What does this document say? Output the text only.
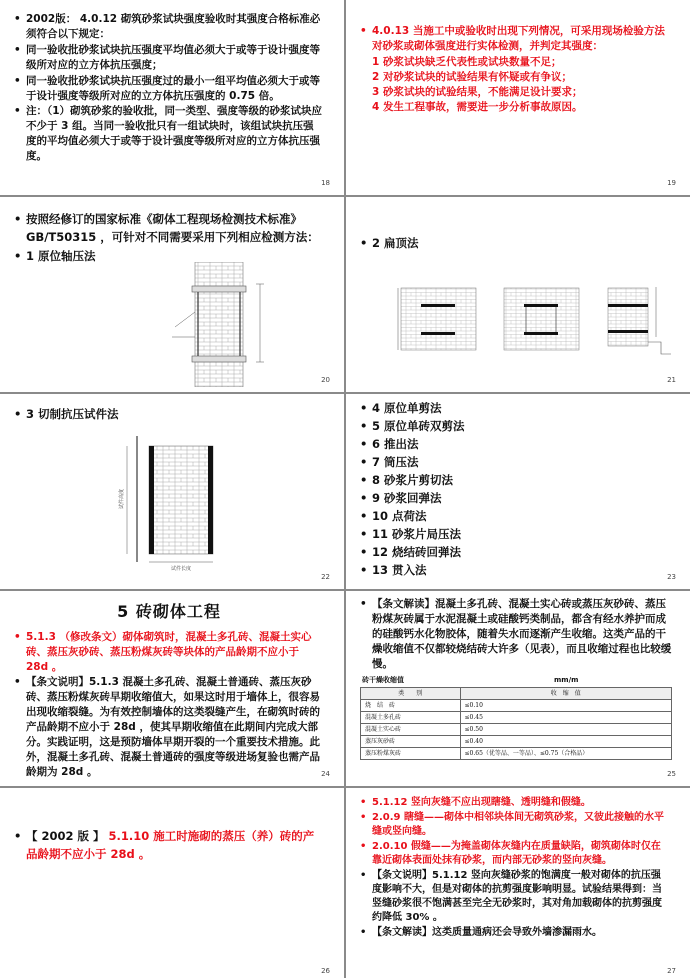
• 2002版： 4.0.12 砌筑砂浆试块强度验收时其强度合格标准必须符合以下规定：
• 同一验收批砂浆试块抗压强度平均值必须大于或等于设计强度等级所对应的立方体抗压强度；
• 同一验收批砂浆试块抗压强度过的最小一组平均值必须大于或等于设计强度等级所对应的立方体抗压强度的 0.75 倍。
• 注：（1）砌筑砂浆的验收批，同一类型、强度等级的砂浆试块应不少于 3 组。当同一验收批只有一组试块时，该组试块抗压强度的平均值必须大于或等于设计强度等级所对应的立方体抗压强度。
18
• 4.0.13 当施工中或验收时出现下列情况，可采用现场检验方法对砂浆或砌体强度进行实体检测，并判定其强度：
1 砂浆试块缺乏代表性或试块数量不足；
2 对砂浆试块的试验结果有怀疑或有争议；
3 砂浆试块的试验结果，不能满足设计要求；
4 发生工程事故，需要进一步分析事故原因。
19
• 按照经修订的国家标准《砌体工程现场检测技术标准》 GB/T50315 ，可针对不同需要采用下列相应检测方法：
• 1 原位轴压法
20
• 2 扁顶法
21
• 3 切制抗压试件法
试件高度
试件长度
22
• 4 原位单剪法
• 5 原位单砖双剪法
• 6 推出法
• 7 筒压法
• 8 砂浆片剪切法
• 9 砂浆回弹法
• 10 点荷法
• 11 砂浆片局压法
• 12 烧结砖回弹法
• 13 贯入法	23
5 砖砌体工程
• 5.1.3 （修改条文）砌体砌筑时，混凝土多孔砖、混凝土实心砖、蒸压灰砂砖、蒸压粉煤灰砖等块体的产品龄期不应小于 28d 。
• 【条文说明】5.1.3 混凝土多孔砖、混凝土普通砖、蒸压灰砂砖、蒸压粉煤灰砖早期收缩值大，如果这时用于墙体上，很容易出现收缩裂缝。为有效控制墙体的这类裂缝产生，在砌筑时砖的产品龄期不应小于 28d ，使其早期收缩值在此期间内完成大部分。实践证明，这是预防墙体早期开裂的一个重要技术措施。此外，混凝土多孔砖、混凝土普通砖的强度等级进场复验也需产品龄期为 28d 。	24
• 【条文解读】混凝土多孔砖、混凝土实心砖或蒸压灰砂砖、蒸压粉煤灰砖属于水泥混凝土或硅酸钙类制品，都含有经水养护而成的硅酸钙水化物胶体，随着失水而逐渐产生收缩。这类产品的干燥收缩值不仅都较烧结砖大许多（见表），而且收缩过程也比较缓慢。
砖干燥收缩值	mm/m
类　　别	收　缩　值
烧　结　砖	≤0.10
混凝土多孔砖	≤0.45
混凝土实心砖	≤0.50
蒸压灰砂砖	≤0.40
蒸压粉煤灰砖	≤0.65（优等品、一等品）、≤0.75（合格品）
25
• 【 2002 版 】 5.1.10 施工时施砌的蒸压（养）砖的产品龄期不应小于 28d 。
26
• 5.1.12 竖向灰缝不应出现瞎缝、透明缝和假缝。
• 2.0.9 瞎缝——砌体中相邻块体间无砌筑砂浆，又彼此接触的水平缝或竖向缝。
• 2.0.10 假缝——为掩盖砌体灰缝内在质量缺陷，砌筑砌体时仅在靠近砌体表面处抹有砂浆，而内部无砂浆的竖向灰缝。
• 【条文说明】5.1.12 竖向灰缝砂浆的饱满度一般对砌体的抗压强度影响不大，但是对砌体的抗剪强度影响明显。试验结果得到：当竖缝砂浆很不饱满甚至完全无砂浆时，其对角加载砌体的抗剪强度约降低 30% 。
• 【条文解读】这类质量通病还会导致外墙渗漏雨水。
27
